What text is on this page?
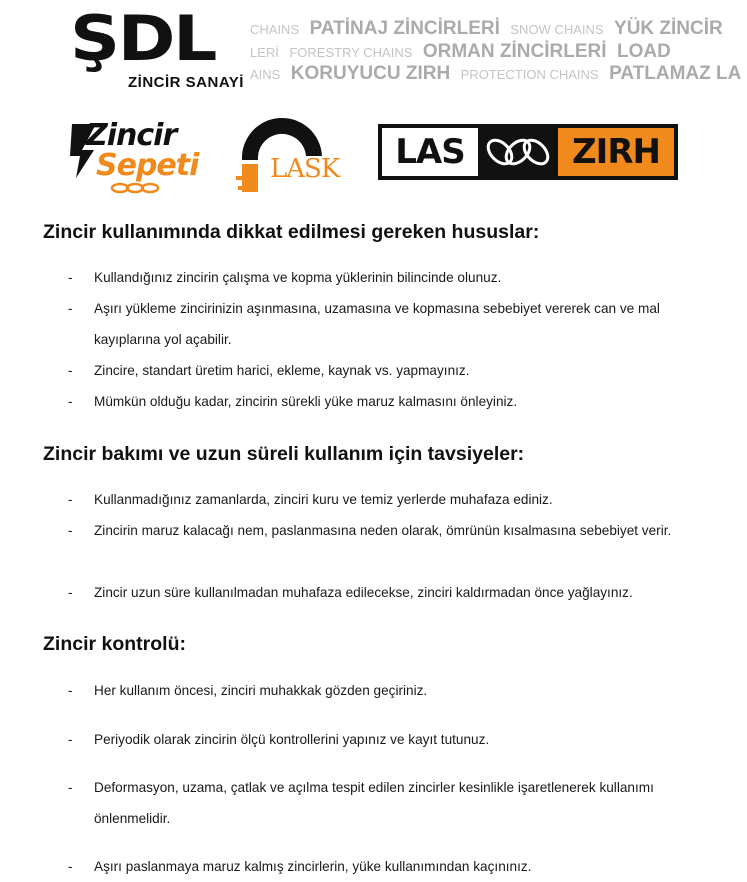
ŞDL
ZİNCİR SANAYİ
CHAINS PATİNAJ ZİNCİRLERİ SNOW CHAINS YÜK ZİNCİR
LERİ FORESTRY CHAINS ORMAN ZİNCİRLERİ LOAD
AINS KORUYUCU ZIRH PROTECTION CHAINS PATLAMAZ LA
Zincir
Sepeti	LASK	LAS	ZIRH
Zincir kullanımında dikkat edilmesi gereken hususlar:
- Kullandığınız zincirin çalışma ve kopma yüklerinin bilincinde olunuz.
- Aşırı yükleme zincirinizin aşınmasına, uzamasına ve kopmasına sebebiyet vererek can ve mal kayıplarına yol açabilir.
- Zincire, standart üretim harici, ekleme, kaynak vs. yapmayınız.
- Mümkün olduğu kadar, zincirin sürekli yüke maruz kalmasını önleyiniz.
Zincir bakımı ve uzun süreli kullanım için tavsiyeler:
- Kullanmadığınız zamanlarda, zinciri kuru ve temiz yerlerde muhafaza ediniz.
- Zincirin maruz kalacağı nem, paslanmasına neden olarak, ömrünün kısalmasına sebebiyet verir.
- Zincir uzun süre kullanılmadan muhafaza edilecekse, zinciri kaldırmadan önce yağlayınız.
Zincir kontrolü:
- Her kullanım öncesi, zinciri muhakkak gözden geçiriniz.
- Periyodik olarak zincirin ölçü kontrollerini yapınız ve kayıt tutunuz.
- Deformasyon, uzama, çatlak ve açılma tespit edilen zincirler kesinlikle işaretlenerek kullanımı önlenmelidir.
- Aşırı paslanmaya maruz kalmış zincirlerin, yüke kullanımından kaçınınız.
